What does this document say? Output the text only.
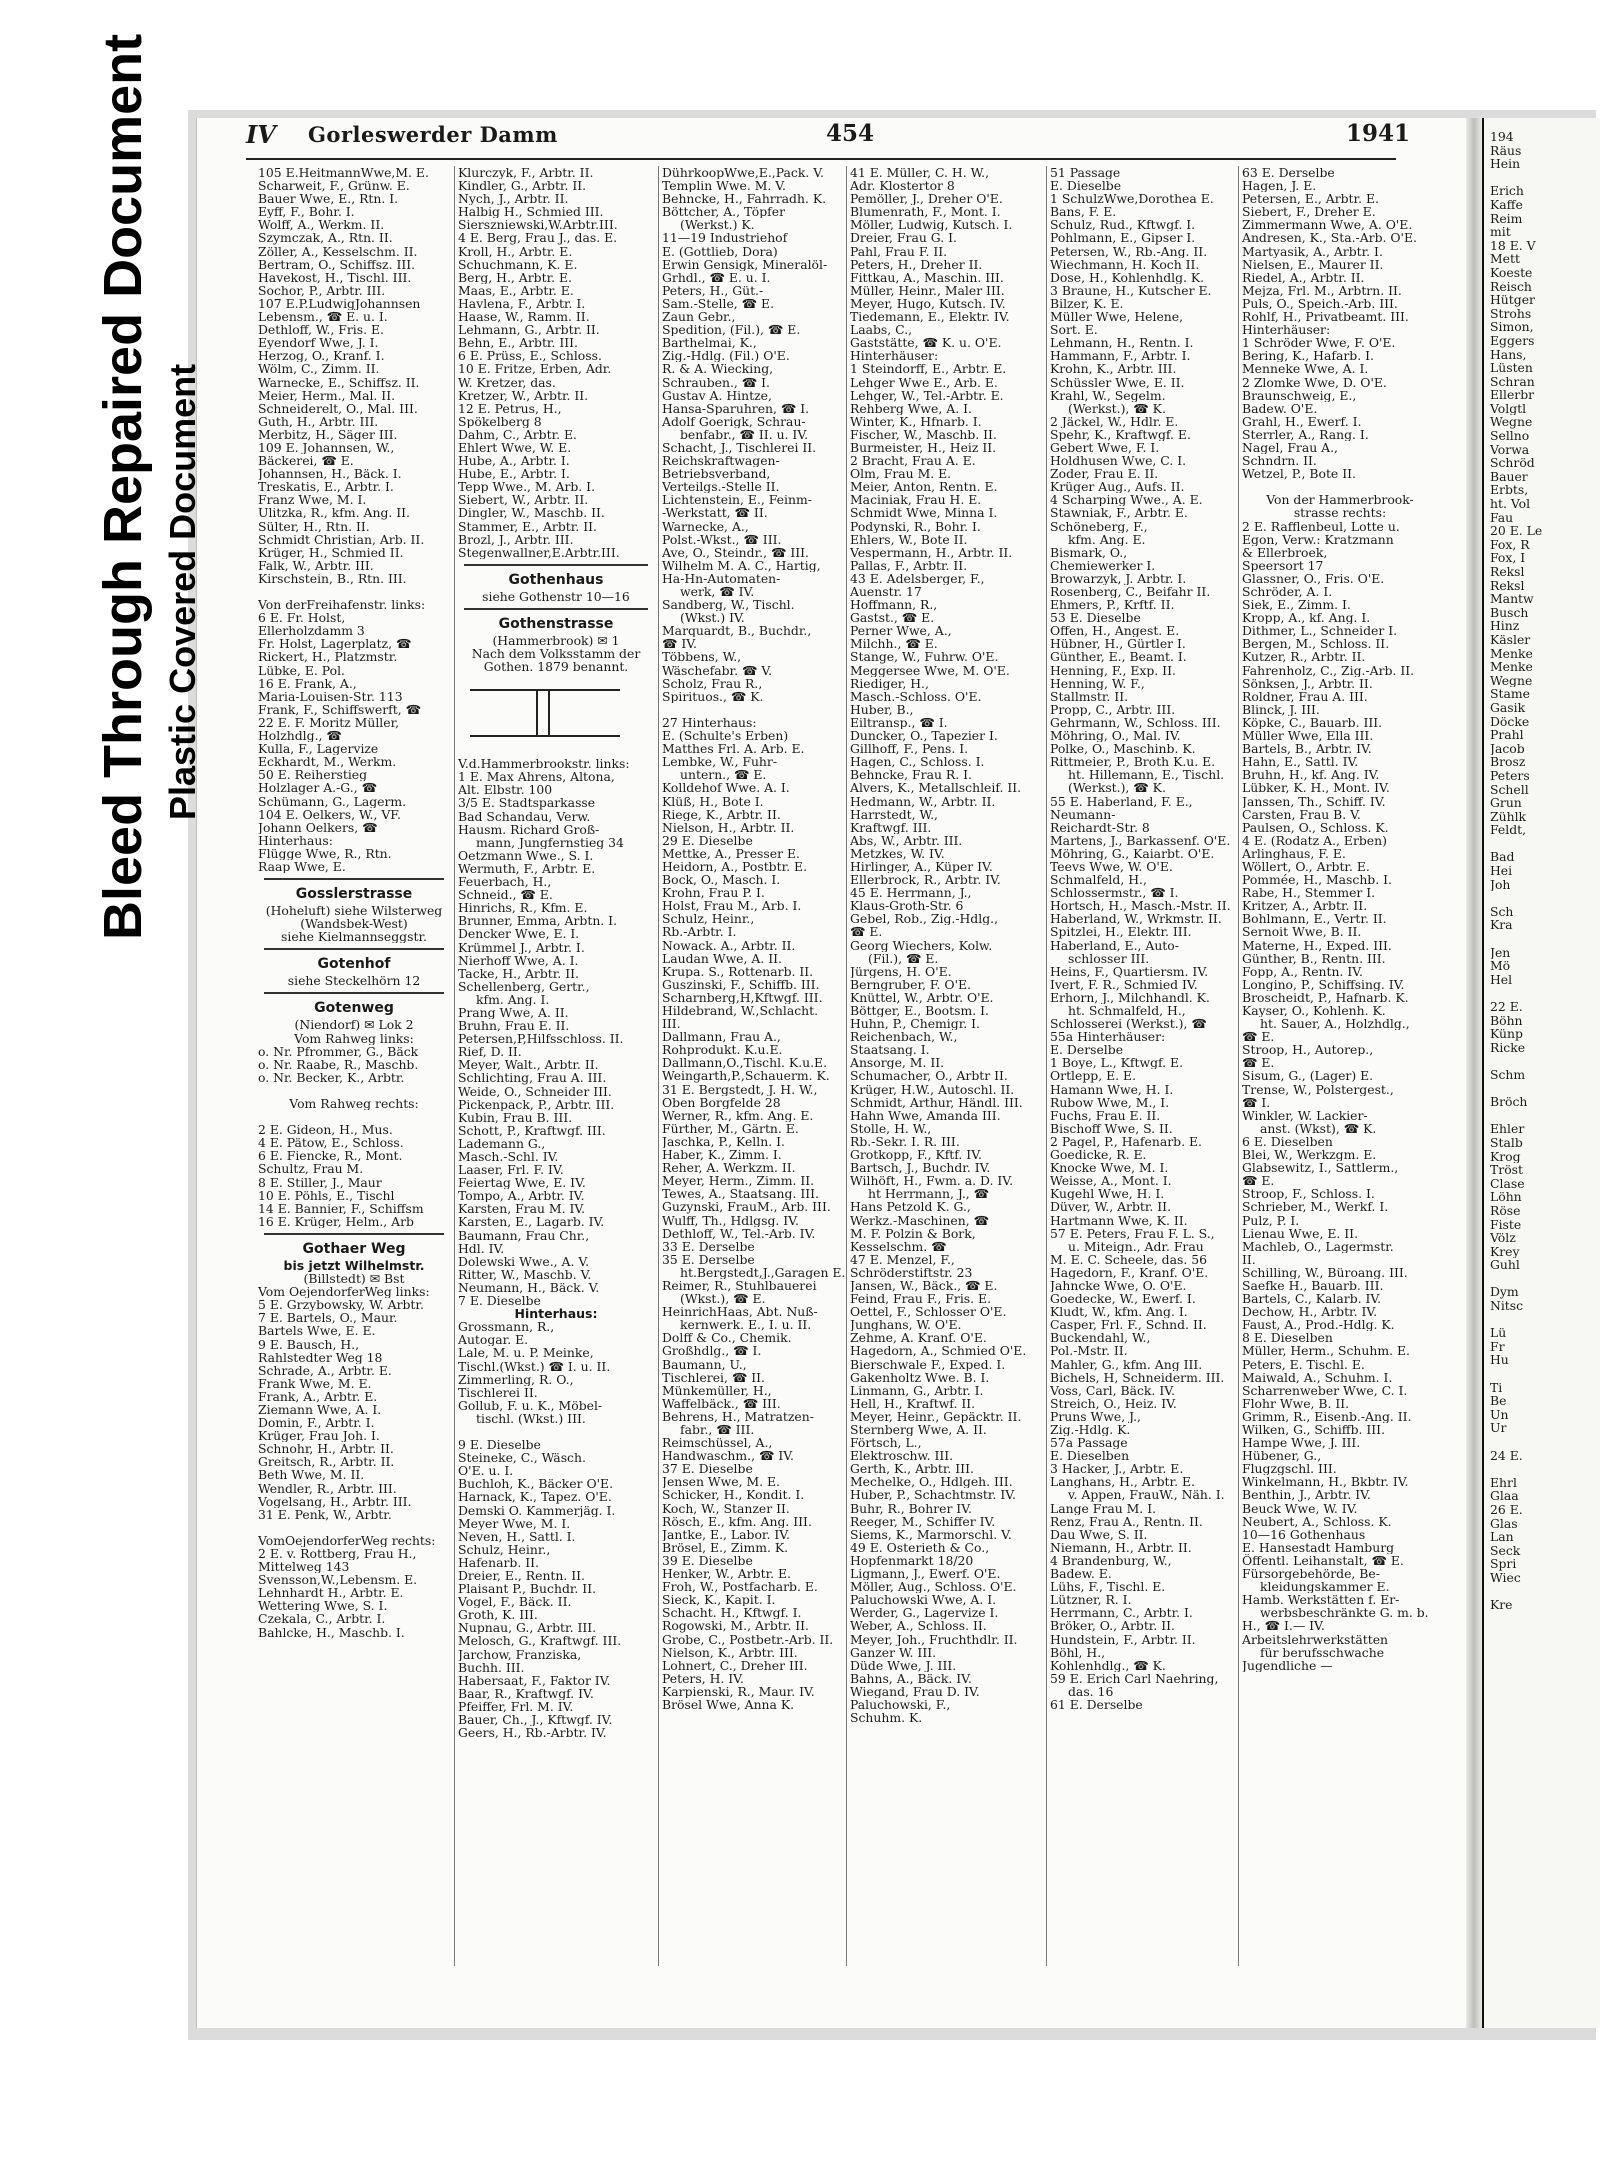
194
Räus
Hein

Erich
Kaffe
Reim
mit
18 E. V
Mett
Koeste
Reisch
Hütger
Strohs
Simon,
Eggers
Hans,
Lüsten
Schran
Ellerbr
Volgtl
Wegne
Sellno
Vorwa
Schröd
Bauer
Erbts,
ht. Vol
Fau
20 E. Le
Fox, R
Fox, I
Reksl
Reksl
Mantw
Busch
Hinz
Käsler
Menke
Menke
Wegne
Stame
Gasik
Döcke
Prahl
Jacob
Brosz
Peters
Schell
Grun
Zühlk
Feldt,

Bad
Hei
Joh

Sch
Kra

Jen
Mö
Hel

22 E.
Böhn
Künp
Ricke

Schm

Bröch

Ehler
Stalb
Krog
Tröst
Clase
Löhn
Röse
Fiste
Völz
Krey
Guhl

Dym
Nitsc

Lü
Fr
Hu

Ti
Be
Un
Ur

24 E.

Ehrl
Glaa
26 E.
Glas
Lan
Seck
Spri
Wiec

Kre
Bleed Through Repaired Document Plastic Covered Document
IV Gorleswerder Damm	454	1941
105 E.HeitmannWwe,M. E.
Scharweit, F., Grünw. E.
Bauer Wwe, E., Rtn. I.
Eyff, F., Bohr. I.
Wolff, A., Werkm. II.
Szymczak, A., Rtn. II.
Zöller, A., Kesselschm. II.
Bertram, O., Schiffsz. III.
Havekost, H., Tischl. III.
Sochor, P., Arbtr. III.
107 E.P.LudwigJohannsen
Lebensm., ☎ E. u. I.
Dethloff, W., Fris. E.
Eyendorf Wwe, J. I.
Herzog, O., Kranf. I.
Wölm, C., Zimm. II.
Warnecke, E., Schiffsz. II.
Meier, Herm., Mal. II.
Schneiderelt, O., Mal. III.
Guth, H., Arbtr. III.
Merbitz, H., Säger III.
109 E. Johannsen, W.,
Bäckerei, ☎ E.
Johannsen, H., Bäck. I.
Treskatis, E., Arbtr. I.
Franz Wwe, M. I.
Ulitzka, R., kfm. Ang. II.
Sülter, H., Rtn. II.
Schmidt Christian, Arb. II.
Krüger, H., Schmied II.
Falk, W., Arbtr. III.
Kirschstein, B., Rtn. III.

Von derFreihafenstr. links:
6 E. Fr. Holst,
Ellerholzdamm 3
Fr. Holst, Lagerplatz, ☎
Rickert, H., Platzmstr.
Lübke, E. Pol.
16 E. Frank, A.,
Maria-Louisen-Str. 113
Frank, F., Schiffswerft, ☎
22 E. F. Moritz Müller,
Holzhdlg., ☎
Kulla, F., Lagervize
Eckhardt, M., Werkm.
50 E. Reiherstieg
Holzlager A.-G., ☎
Schümann, G., Lagerm.
104 E. Oelkers, W., VF.
Johann Oelkers, ☎
Hinterhaus:
Flügge Wwe, R., Rtn.
Raap Wwe, E.
Gosslerstrasse
(Hoheluft) siehe Wilsterweg
(Wandsbek-West)
siehe Kielmannseggstr.
Gotenhof
siehe Steckelhörn 12
Gotenweg
(Niendorf) ✉ Lok 2
Vom Rahweg links:
o. Nr. Pfrommer, G., Bäck
o. Nr. Raabe, R., Maschb.
o. Nr. Becker, K., Arbtr.

Vom Rahweg rechts:

2 E. Gideon, H., Mus.
4 E. Pätow, E., Schloss.
6 E. Fiencke, R., Mont.
Schultz, Frau M.
8 E. Stiller, J., Maur
10 E. Pöhls, E., Tischl
14 E. Bannier, F., Schiffsm
16 E. Krüger, Helm., Arb
Gothaer Weg
bis jetzt Wilhelmstr.
(Billstedt) ✉ Bst
Vom OejendorferWeg links:
5 E. Grzybowsky, W. Arbtr.
7 E. Bartels, O., Maur.
Bartels Wwe, E. E.
9 E. Bausch, H.,
Rahlstedter Weg 18
Schrade, A., Arbtr. E.
Frank Wwe, M. E.
Frank, A., Arbtr. E.
Ziemann Wwe, A. I.
Domin, F., Arbtr. I.
Krüger, Frau Joh. I.
Schnohr, H., Arbtr. II.
Greitsch, R., Arbtr. II.
Beth Wwe, M. II.
Wendler, R., Arbtr. III.
Vogelsang, H., Arbtr. III.
31 E. Penk, W., Arbtr.

VomOejendorferWeg rechts:
2 E. v. Rottberg, Frau H.,
Mittelweg 143
Svensson,W.,Lebensm. E.
Lehnhardt H., Arbtr. E.
Wettering Wwe, S. I.
Czekala, C., Arbtr. I.
Bahlcke, H., Maschb. I.
Klurczyk, F., Arbtr. II.
Kindler, G., Arbtr. II.
Nych, J., Arbtr. II.
Halbig H., Schmied III.
Sierszniewski,W.Arbtr.III.
4 E. Berg, Frau J., das. E.
Kroll, H., Arbtr. E.
Schuchmann, K. E.
Berg, H., Arbtr. E.
Maas, E., Arbtr. E.
Havlena, F., Arbtr. I.
Haase, W., Ramm. II.
Lehmann, G., Arbtr. II.
Behn, E., Arbtr. III.
6 E. Prüss, E., Schloss.
10 E. Fritze, Erben, Adr.
W. Kretzer, das.
Kretzer, W., Arbtr. II.
12 E. Petrus, H.,
Spökelberg 8
Dahm, C., Arbtr. E.
Ehlert Wwe, W. E.
Hube, A., Arbtr. I.
Hube, E., Arbtr. I.
Tepp Wwe., M. Arb. I.
Siebert, W., Arbtr. II.
Dingler, W., Maschb. II.
Stammer, E., Arbtr. II.
Brozl, J., Arbtr. III.
Stegenwallner,E.Arbtr.III.
Gothenhaus
siehe Gothenstr 10—16
Gothenstrasse
(Hammerbrook) ✉ 1
Nach dem Volksstamm der
Gothen. 1879 benannt.
V.d.Hammerbrookstr. links:
1 E. Max Ahrens, Altona,
Alt. Elbstr. 100
3/5 E. Stadtsparkasse
Bad Schandau, Verw.
Hausm. Richard Groß-
mann, Jungfernstieg 34
Oetzmann Wwe., S. I.
Wermuth, F., Arbtr. E.
Feuerbach, H.,
Schneid., ☎ E.
Hinrichs, R., Kfm. E.
Brunner, Emma, Arbtn. I.
Dencker Wwe, E. I.
Krümmel J., Arbtr. I.
Nierhoff Wwe, A. I.
Tacke, H., Arbtr. II.
Schellenberg, Gertr.,
kfm. Ang. I.
Prang Wwe, A. II.
Bruhn, Frau E. II.
Petersen,P,Hilfsschloss. II.
Rief, D. II.
Meyer, Walt., Arbtr. II.
Schlichting, Frau A. III.
Weide, O., Schneider III.
Pickenpack, P., Arbtr. III.
Kubin, Frau B. III.
Schott, P., Kraftwgf. III.
Lademann G.,
Masch.-Schl. IV.
Laaser, Frl. F. IV.
Feiertag Wwe, E. IV.
Tompo, A., Arbtr. IV.
Karsten, Frau M. IV.
Karsten, E., Lagarb. IV.
Baumann, Frau Chr.,
Hdl. IV.
Dolewski Wwe., A. V.
Ritter, W., Maschb. V.
Neumann, H., Bäck. V.
7 E. Dieselbe
Hinterhaus:
Grossmann, R.,
Autogar. E.
Lale, M. u. P. Meinke,
Tischl.(Wkst.) ☎ I. u. II.
Zimmerling, R. O.,
Tischlerei II.
Gollub, F. u. K., Möbel-
tischl. (Wkst.) III.

9 E. Dieselbe
Steineke, C., Wäsch.
O'E. u. I.
Buchloh, K., Bäcker O'E.
Harnack, K., Tapez. O'E.
Demski O. Kammerjäg. I.
Meyer Wwe, M. I.
Neven, H., Sattl. I.
Schulz, Heinr.,
Hafenarb. II.
Dreier, E., Rentn. II.
Plaisant P., Buchdr. II.
Vogel, F., Bäck. II.
Groth, K. III.
Nupnau, G., Arbtr. III.
Melosch, G., Kraftwgf. III.
Jarchow, Franziska,
Buchh. III.
Habersaat, F., Faktor IV.
Baar, R., Kraftwgf. IV.
Pfeiffer, Frl. M. IV.
Bauer, Ch., J., Kftwgf. IV.
Geers, H., Rb.-Arbtr. IV.
DührkoopWwe,E.,Pack. V.
Templin Wwe. M. V.
Behncke, H., Fahrradh. K.
Böttcher, A., Töpfer
(Werkst.) K.
11—19 Industriehof
E. (Gottlieb, Dora)
Erwin Gensigk, Mineralöl-
Grhdl., ☎ E. u. I.
Peters, H., Güt.-
Sam.-Stelle, ☎ E.
Zaun Gebr.,
Spedition, (Fil.), ☎ E.
Barthelmai, K.,
Zig.-Hdlg. (Fil.) O'E.
R. & A. Wiecking,
Schrauben., ☎ I.
Gustav A. Hintze,
Hansa-Sparuhren, ☎ I.
Adolf Goerigk, Schrau-
benfabr., ☎ II. u. IV.
Schacht, J., Tischlerei II.
Reichskraftwagen-
Betriebsverband,
Verteilgs.-Stelle II.
Lichtenstein, E., Feinm-
-Werkstatt, ☎ II.
Warnecke, A.,
Polst.-Wkst., ☎ III.
Ave, O., Steindr., ☎ III.
Wilhelm M. A. C., Hartig,
Ha-Hn-Automaten-
werk, ☎ IV.
Sandberg, W., Tischl.
(Wkst.) IV.
Marquardt, B., Buchdr.,
☎ IV.
Többens, W.,
Wäschefabr. ☎ V.
Scholz, Frau R.,
Spirituos., ☎ K.

27 Hinterhaus:
E. (Schulte's Erben)
Matthes Frl. A. Arb. E.
Lembke, W., Fuhr-
untern., ☎ E.
Kolldehof Wwe. A. I.
Klüß, H., Bote I.
Riege, K., Arbtr. II.
Nielson, H., Arbtr. II.
29 E. Dieselbe
Mettke, A., Presser E.
Heidorn, A., Postbtr. E.
Bock, O., Masch. I.
Krohn, Frau P. I.
Holst, Frau M., Arb. I.
Schulz, Heinr.,
Rb.-Arbtr. I.
Nowack. A., Arbtr. II.
Laudan Wwe, A. II.
Krupa. S., Rottenarb. II.
Guszinski, F., Schiffb. III.
Scharnberg,H,Kftwgf. III.
Hildebrand, W.,Schlacht.
III.
Dallmann, Frau A.,
Rohprodukt. K.u.E.
Dallmann,O.,Tischl. K.u.E.
Weingarth,P.,Schauerm. K.
31 E. Bergstedt, J. H. W.,
Oben Borgfelde 28
Werner, R., kfm. Ang. E.
Fürther, M., Gärtn. E.
Jaschka, P., Kelln. I.
Haber, K., Zimm. I.
Reher, A. Werkzm. II.
Meyer, Herm., Zimm. II.
Tewes, A., Staatsang. III.
Guzynski, FrauM., Arb. III.
Wulff, Th., Hdlgsg. IV.
Dethloff, W., Tel.-Arb. IV.
33 E. Derselbe
35 E. Derselbe
ht.Bergstedt,J.,Garagen E.
Reimer, R., Stuhlbauerei
(Wkst.), ☎ E.
HeinrichHaas, Abt. Nuß-
kernwerk. E., I. u. II.
Dolff & Co., Chemik.
Großhdlg., ☎ I.
Baumann, U.,
Tischlerei, ☎ II.
Münkemüller, H.,
Waffelbäck., ☎ III.
Behrens, H., Matratzen-
fabr., ☎ III.
Reimschüssel, A.,
Handwaschm., ☎ IV.
37 E. Dieselbe
Jensen Wwe, M. E.
Schicker, H., Kondit. I.
Koch, W., Stanzer II.
Rösch, E., kfm. Ang. III.
Jantke, E., Labor. IV.
Brösel, E., Zimm. K.
39 E. Dieselbe
Henker, W., Arbtr. E.
Froh, W., Postfacharb. E.
Sieck, K., Kapit. I.
Schacht. H., Kftwgf. I.
Rogowski, M., Arbtr. II.
Grobe, C., Postbetr.-Arb. II.
Nielson, K., Arbtr. III.
Lohnert, C., Dreher III.
Peters, H. IV.
Karpienski, R., Maur. IV.
Brösel Wwe, Anna K.
41 E. Müller, C. H. W.,
Adr. Klostertor 8
Pemöller, J., Dreher O'E.
Blumenrath, F., Mont. I.
Möller, Ludwig, Kutsch. I.
Dreier, Frau G. I.
Pahl, Frau F. II.
Peters, H., Dreher II.
Fittkau, A., Maschin. III.
Müller, Heinr., Maler III.
Meyer, Hugo, Kutsch. IV.
Tiedemann, E., Elektr. IV.
Laabs, C.,
Gaststätte, ☎ K. u. O'E.
Hinterhäuser:
1 Steindorff, E., Arbtr. E.
Lehger Wwe E., Arb. E.
Lehger, W., Tel.-Arbtr. E.
Rehberg Wwe, A. I.
Winter, K., Hfnarb. I.
Fischer, W., Maschb. II.
Burmeister, H., Heiz II.
2 Bracht, Frau A. E.
Olm, Frau M. E.
Meier, Anton, Rentn. E.
Maciniak, Frau H. E.
Schmidt Wwe, Minna I.
Podynski, R., Bohr. I.
Ehlers, W., Bote II.
Vespermann, H., Arbtr. II.
Pallas, F., Arbtr. II.
43 E. Adelsberger, F.,
Auenstr. 17
Hoffmann, R.,
Gastst., ☎ E.
Perner Wwe, A.,
Milchh., ☎ E.
Stange, W., Fuhrw. O'E.
Meggersee Wwe, M. O'E.
Riediger, H.,
Masch.-Schloss. O'E.
Huber, B.,
Eiltransp., ☎ I.
Duncker, O., Tapezier I.
Gillhoff, F., Pens. I.
Hagen, C., Schloss. I.
Behncke, Frau R. I.
Alvers, K., Metallschleif. II.
Hedmann, W., Arbtr. II.
Harrstedt, W.,
Kraftwgf. III.
Abs, W., Arbtr. III.
Metzkes, W. IV.
Hirlinger, A., Küper IV.
Ellerbrock, R., Arbtr. IV.
45 E. Herrmann, J.,
Klaus-Groth-Str. 6
Gebel, Rob., Zig.-Hdlg.,
☎ E.
Georg Wiechers, Kolw.
(Fil.), ☎ E.
Jürgens, H. O'E.
Berngruber, F. O'E.
Knüttel, W., Arbtr. O'E.
Böttger, E., Bootsm. I.
Huhn, P., Chemigr. I.
Reichenbach, W.,
Staatsang. I.
Ansorge, M. II.
Schumacher, O., Arbtr II.
Krüger, H.W., Autoschl. II.
Schmidt, Arthur, Händl. III.
Hahn Wwe, Amanda III.
Stolle, H. W.,
Rb.-Sekr. I. R. III.
Grotkopp, F., Kftf. IV.
Bartsch, J., Buchdr. IV.
Wilhöft, H., Fwm. a. D. IV.
ht Herrmann, J., ☎
Hans Petzold K. G.,
Werkz.-Maschinen, ☎
M. F. Polzin & Bork,
Kesselschm. ☎
47 E. Menzel, F.,
Schröderstiftstr. 23
Jansen, W., Bäck., ☎ E.
Feind, Frau F., Fris. E.
Oettel, F., Schlosser O'E.
Junghans, W. O'E.
Zehme, A. Kranf. O'E.
Hagedorn, A., Schmied O'E.
Bierschwale F., Exped. I.
Gakenholtz Wwe. B. I.
Linmann, G., Arbtr. I.
Hell, H., Kraftwf. II.
Meyer, Heinr., Gepäcktr. II.
Sternberg Wwe, A. II.
Förtsch, L.,
Elektroschw. III.
Gerth, K., Arbtr. III.
Mechelke, O., Hdlgeh. III.
Huber, P., Schachtmstr. IV.
Buhr, R., Bohrer IV.
Reeger, M., Schiffer IV.
Siems, K., Marmorschl. V.
49 E. Osterieth & Co.,
Hopfenmarkt 18/20
Ligmann, J., Ewerf. O'E.
Möller, Aug., Schloss. O'E.
Paluchowski Wwe, A. I.
Werder, G., Lagervize I.
Weber, A., Schloss. II.
Meyer, Joh., Fruchthdlr. II.
Ganzer W. III.
Düde Wwe, J. III.
Bahns, A., Bäck. IV.
Wiegand, Frau D. IV.
Paluchowski, F.,
Schuhm. K.
51 Passage
E. Dieselbe
1 SchulzWwe,Dorothea E.
Bans, F. E.
Schulz, Rud., Kftwgf. I.
Pohlmann, E., Gipser I.
Petersen, W., Rb.-Ang. II.
Wiechmann, H. Koch II.
Dose, H., Kohlenhdlg. K.
3 Braune, H., Kutscher E.
Bilzer, K. E.
Müller Wwe, Helene,
Sort. E.
Lehmann, H., Rentn. I.
Hammann, F., Arbtr. I.
Krohn, K., Arbtr. III.
Schüssler Wwe, E. II.
Krahl, W., Segelm.
(Werkst.), ☎ K.
2 Jäckel, W., Hdlr. E.
Spehr, K., Kraftwgf. E.
Gebert Wwe, F. I.
Holdhusen Wwe, C. I.
Zoder, Frau E. II.
Krüger Aug., Aufs. II.
4 Scharping Wwe., A. E.
Stawniak, F., Arbtr. E.
Schöneberg, F.,
kfm. Ang. E.
Bismark, O.,
Chemiewerker I.
Browarzyk, J. Arbtr. I.
Rosenberg, C., Beifahr II.
Ehmers, P., Krftf. II.
53 E. Dieselbe
Offen, H., Angest. E.
Hübner, H., Gürtler I.
Günther, E., Beamt. I.
Henning, F., Exp. II.
Henning, W. F.,
Stallmstr. II.
Propp, C., Arbtr. III.
Gehrmann, W., Schloss. III.
Möhring, O., Mal. IV.
Polke, O., Maschinb. K.
Rittmeier, P., Broth K.u. E.
ht. Hillemann, E., Tischl.
(Werkst.), ☎ K.
55 E. Haberland, F. E.,
Neumann-
Reichardt-Str. 8
Martens, J., Barkassenf. O'E.
Möhring, G., Kaiarbt. O'E.
Teevs Wwe, W. O'E.
Schmalfeld, H.,
Schlossermstr., ☎ I.
Hortsch, H., Masch.-Mstr. II.
Haberland, W., Wrkmstr. II.
Spitzlei, H., Elektr. III.
Haberland, E., Auto-
schlosser III.
Heins, F., Quartiersm. IV.
Ivert, F. R., Schmied IV.
Erhorn, J., Milchhandl. K.
ht. Schmalfeld, H.,
Schlosserei (Werkst.), ☎
55a Hinterhäuser:
E. Derselbe
1 Boye, L., Kftwgf. E.
Ortlepp, E. E.
Hamann Wwe, H. I.
Rubow Wwe, M., I.
Fuchs, Frau E. II.
Bischoff Wwe, S. II.
2 Pagel, P., Hafenarb. E.
Goedicke, R. E.
Knocke Wwe, M. I.
Weisse, A., Mont. I.
Kugehl Wwe, H. I.
Düver, W., Arbtr. II.
Hartmann Wwe, K. II.
57 E. Peters, Frau F. L. S.,
u. Miteign., Adr. Frau
M. E. C. Scheele, das. 56
Hagedorn, F., Kranf. O'E.
Jahncke Wwe, O. O'E.
Goedecke, W., Ewerf. I.
Kludt, W., kfm. Ang. I.
Casper, Frl. F., Schnd. II.
Buckendahl, W.,
Pol.-Mstr. II.
Mahler, G., kfm. Ang III.
Bichels, H, Schneiderm. III.
Voss, Carl, Bäck. IV.
Streich, O., Heiz. IV.
Pruns Wwe, J.,
Zig.-Hdlg. K.
57a Passage
E. Dieselben
3 Hacker, J., Arbtr. E.
Langhans, H., Arbtr. E.
v. Appen, FrauW., Näh. I.
Lange Frau M. I.
Renz, Frau A., Rentn. II.
Dau Wwe, S. II.
Niemann, H., Arbtr. II.
4 Brandenburg, W.,
Badew. E.
Lühs, F., Tischl. E.
Lützner, R. I.
Herrmann, C., Arbtr. I.
Bröker, O., Arbtr. II.
Hundstein, F., Arbtr. II.
Böhl, H.,
Kohlenhdlg., ☎ K.
59 E. Erich Carl Naehring,
das. 16
61 E. Derselbe
63 E. Derselbe
Hagen, J. E.
Petersen, E., Arbtr. E.
Siebert, F., Dreher E.
Zimmermann Wwe, A. O'E.
Andresen, K., Sta.-Arb. O'E.
Martyasik, A., Arbtr. I.
Nielsen, E., Maurer II.
Riedel, A., Arbtr. II.
Mejza, Frl. M., Arbtrn. II.
Puls, O., Speich.-Arb. III.
Rohlf, H., Privatbeamt. III.
Hinterhäuser:
1 Schröder Wwe, F. O'E.
Bering, K., Hafarb. I.
Menneke Wwe, A. I.
2 Zlomke Wwe, D. O'E.
Braunschweig, E.,
Badew. O'E.
Grahl, H., Ewerf. I.
Sterrler, A., Rang. I.
Nagel, Frau A.,
Schndrn. II.
Wetzel, P., Bote II.

Von der Hammerbrook-
strasse rechts:
2 E. Rafflenbeul, Lotte u.
Egon, Verw.: Kratzmann
& Ellerbroek,
Speersort 17
Glassner, O., Fris. O'E.
Schröder, A. I.
Siek, E., Zimm. I.
Kropp, A., kf. Ang. I.
Dithmer, L., Schneider I.
Bergen, M., Schloss. II.
Kutzer, R., Arbtr. II.
Fahrenholz, C., Zig.-Arb. II.
Sönksen, J., Arbtr. II.
Roldner, Frau A. III.
Blinck, J. III.
Köpke, C., Bauarb. III.
Müller Wwe, Ella III.
Bartels, B., Arbtr. IV.
Hahn, E., Sattl. IV.
Bruhn, H., kf. Ang. IV.
Lübker, K. H., Mont. IV.
Janssen, Th., Schiff. IV.
Carsten, Frau B. V.
Paulsen, O., Schloss. K.
4 E. (Rodatz A., Erben)
Arlinghaus, F. E.
Wöllert, O., Arbtr. E.
Pommée, H., Maschb. I.
Rabe, H., Stemmer I.
Kritzer, A., Arbtr. II.
Bohlmann, E., Vertr. II.
Sernoit Wwe, B. II.
Materne, H., Exped. III.
Günther, B., Rentn. III.
Fopp, A., Rentn. IV.
Longino, P., Schiffsing. IV.
Broscheidt, P., Hafnarb. K.
Kayser, O., Kohlenh. K.
ht. Sauer, A., Holzhdlg.,
☎ E.
Stroop, H., Autorep.,
☎ E.
Sisum, G., (Lager) E.
Trense, W., Polstergest.,
☎ I.
Winkler, W. Lackier-
anst. (Wkst), ☎ K.
6 E. Dieselben
Blei, W., Werkzgm. E.
Glabsewitz, I., Sattlerm.,
☎ E.
Stroop, F., Schloss. I.
Schrieber, M., Werkf. I.
Pulz, P. I.
Lienau Wwe, E. II.
Machleb, O., Lagermstr.
II.
Schilling, W., Büroang. III.
Saefke H., Bauarb. III.
Bartels, C., Kalarb. IV.
Dechow, H., Arbtr. IV.
Faust, A., Prod.-Hdlg. K.
8 E. Dieselben
Müller, Herm., Schuhm. E.
Peters, E. Tischl. E.
Maiwald, A., Schuhm. I.
Scharrenweber Wwe, C. I.
Flohr Wwe, B. II.
Grimm, R., Eisenb.-Ang. II.
Wilken, G., Schiffb. III.
Hampe Wwe, J. III.
Hübener, G.,
Flugzgschl. III.
Winkelmann, H., Bkbtr. IV.
Benthin, J., Arbtr. IV.
Beuck Wwe, W. IV.
Neubert, A., Schloss. K.
10—16 Gothenhaus
E. Hansestadt Hamburg
Öffentl. Leihanstalt, ☎ E.
Fürsorgebehörde, Be-
kleidungskammer E.
Hamb. Werkstätten f. Er-
werbsbeschränkte G. m. b.
H., ☎ I.— IV.
Arbeitslehrwerkstätten
für berufsschwache
Jugendliche —
